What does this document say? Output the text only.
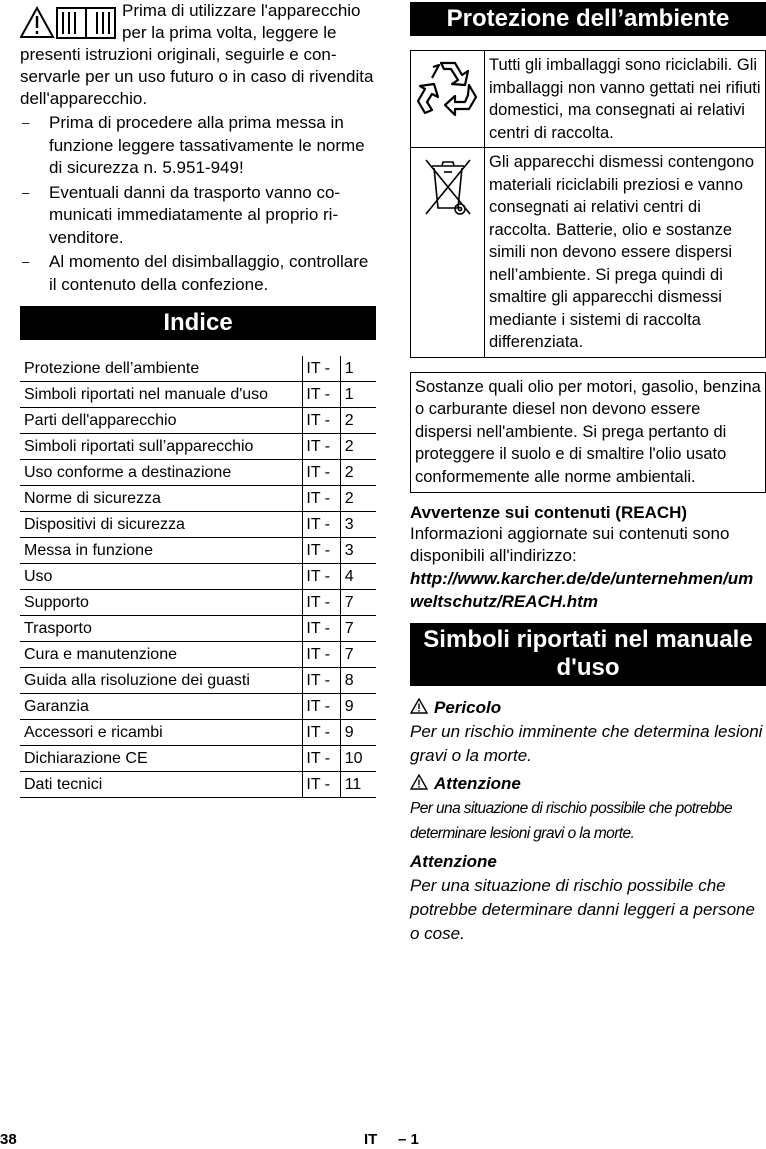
Prima di utilizzare l'apparecchio per la prima volta, leggere le presenti istruzioni originali, seguirle e conservarle per un uso futuro o in caso di rivendita dell'apparecchio.

– Prima di procedere alla prima messa in funzione leggere tassativamente le norme di sicurezza n. 5.951-949!
– Eventuali danni da trasporto vanno comunicati immediatamente al proprio rivenditore.
– Al momento del disimballaggio, controllare il contenuto della confezione.
Indice
Protezione dell’ambiente	IT -	1
Simboli riportati nel manuale d'uso	IT -	1
Parti dell'apparecchio	IT -	2
Simboli riportati sull’apparecchio	IT -	2
Uso conforme a destinazione	IT -	2
Norme di sicurezza	IT -	2
Dispositivi di sicurezza	IT -	3
Messa in funzione	IT -	3
Uso	IT -	4
Supporto	IT -	7
Trasporto	IT -	7
Cura e manutenzione	IT -	7
Guida alla risoluzione dei guasti	IT -	8
Garanzia	IT -	9
Accessori e ricambi	IT -	9
Dichiarazione CE	IT -	10
Dati tecnici	IT -	11
Protezione dell’ambiente
	Tutti gli imballaggi sono riciclabili. Gli imballaggi non vanno gettati nei rifiuti domestici, ma consegnati ai relativi centri di raccolta.
	Gli apparecchi dismessi contengono materiali riciclabili preziosi e vanno consegnati ai relativi centri di raccolta. Batterie, olio e sostanze simili non devono essere dispersi nell’ambiente. Si prega quindi di smaltire gli apparecchi dismessi mediante i sistemi di raccolta differenziata.
Sostanze quali olio per motori, gasolio, benzina o carburante diesel non devono essere dispersi nell'ambiente. Si prega pertanto di proteggere il suolo e di smaltire l'olio usato conformemente alle norme ambientali.

Avvertenze sui contenuti (REACH)

Informazioni aggiornate sui contenuti sono disponibili all'indirizzo:

http://www.karcher.de/de/unternehmen/umweltschutz/REACH.htm

Simboli riportati nel manuale d'uso
Pericolo

Per un rischio imminente che determina lesioni gravi o la morte.

Attenzione

Per una situazione di rischio possibile che potrebbe determinare lesioni gravi o la morte.

Attenzione

Per una situazione di rischio possibile che potrebbe determinare danni leggeri a persone o cose.

38	IT – 1
